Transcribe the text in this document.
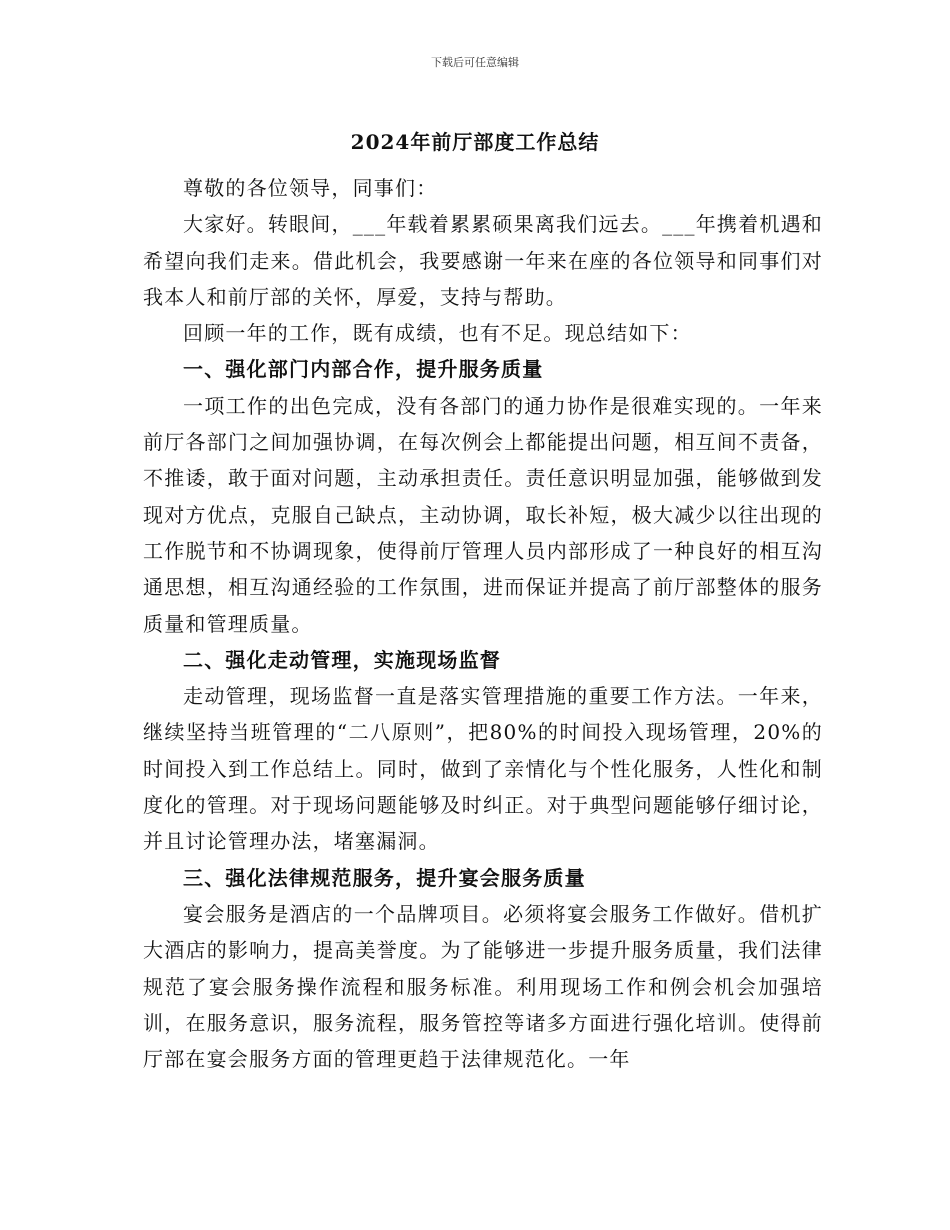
下载后可任意编辑
2024年前厅部度工作总结

尊敬的各位领导，同事们：

大家好。转眼间，___年载着累累硕果离我们远去。___年携着机遇和希望向我们走来。借此机会，我要感谢一年来在座的各位领导和同事们对我本人和前厅部的关怀，厚爱，支持与帮助。

回顾一年的工作，既有成绩，也有不足。现总结如下：

一、强化部门内部合作，提升服务质量

一项工作的出色完成，没有各部门的通力协作是很难实现的。一年来前厅各部门之间加强协调，在每次例会上都能提出问题，相互间不责备，不推诿，敢于面对问题，主动承担责任。责任意识明显加强，能够做到发现对方优点，克服自己缺点，主动协调，取长补短，极大减少以往出现的工作脱节和不协调现象，使得前厅管理人员内部形成了一种良好的相互沟通思想，相互沟通经验的工作氛围，进而保证并提高了前厅部整体的服务质量和管理质量。

二、强化走动管理，实施现场监督

走动管理，现场监督一直是落实管理措施的重要工作方法。一年来，继续坚持当班管理的“二八原则”，把80%的时间投入现场管理，20%的时间投入到工作总结上。同时，做到了亲情化与个性化服务，人性化和制度化的管理。对于现场问题能够及时纠正。对于典型问题能够仔细讨论，并且讨论管理办法，堵塞漏洞。

三、强化法律规范服务，提升宴会服务质量

宴会服务是酒店的一个品牌项目。必须将宴会服务工作做好。借机扩大酒店的影响力，提高美誉度。为了能够进一步提升服务质量，我们法律规范了宴会服务操作流程和服务标准。利用现场工作和例会机会加强培训，在服务意识，服务流程，服务管控等诸多方面进行强化培训。使得前厅部在宴会服务方面的管理更趋于法律规范化。一年
